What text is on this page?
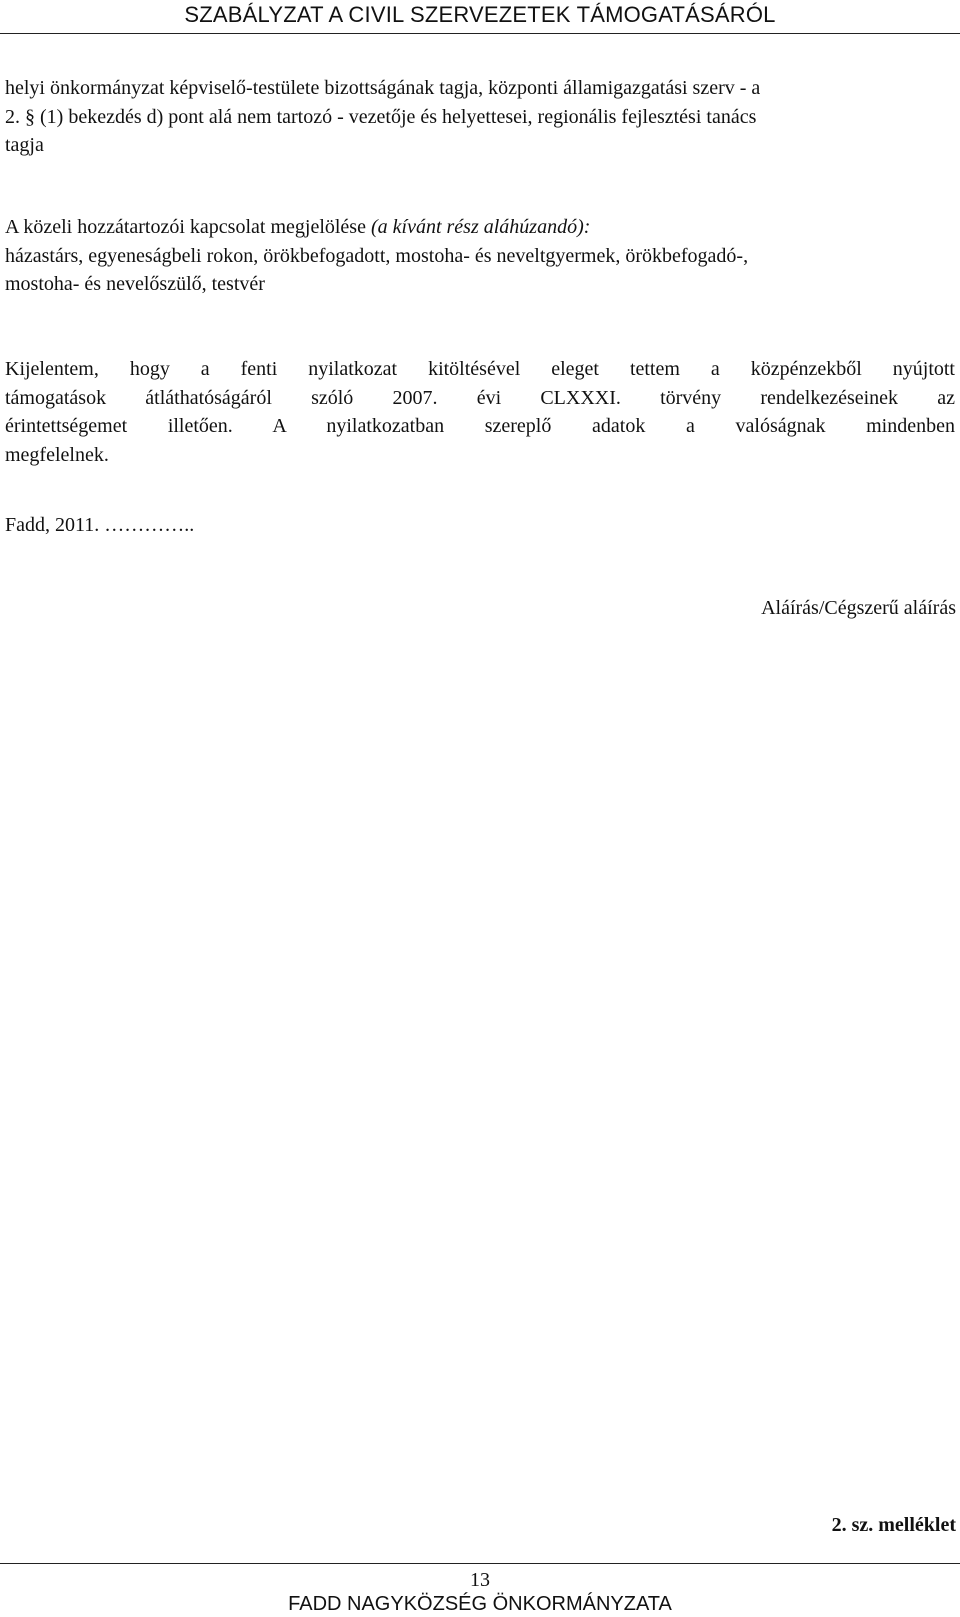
SZABÁLYZAT A CIVIL SZERVEZETEK TÁMOGATÁSÁRÓL
helyi önkormányzat képviselő-testülete bizottságának tagja, központi államigazgatási szerv - a
2. § (1) bekezdés d) pont alá nem tartozó - vezetője és helyettesei, regionális fejlesztési tanács
tagja
A közeli hozzátartozói kapcsolat megjelölése (a kívánt rész aláhúzandó):
házastárs, egyeneságbeli rokon, örökbefogadott, mostoha- és neveltgyermek, örökbefogadó-,
mostoha- és nevelőszülő, testvér
Kijelentem, hogy a fenti nyilatkozat kitöltésével eleget tettem a közpénzekből nyújtott
támogatások átláthatóságáról szóló 2007. évi CLXXXI. törvény rendelkezéseinek az
érintettségemet illetően. A nyilatkozatban szereplő adatok a valóságnak mindenben
megfelelnek.
Fadd, 2011. …………..
Aláírás/Cégszerű aláírás
2. sz. melléklet
13
FADD NAGYKÖZSÉG ÖNKORMÁNYZATA
